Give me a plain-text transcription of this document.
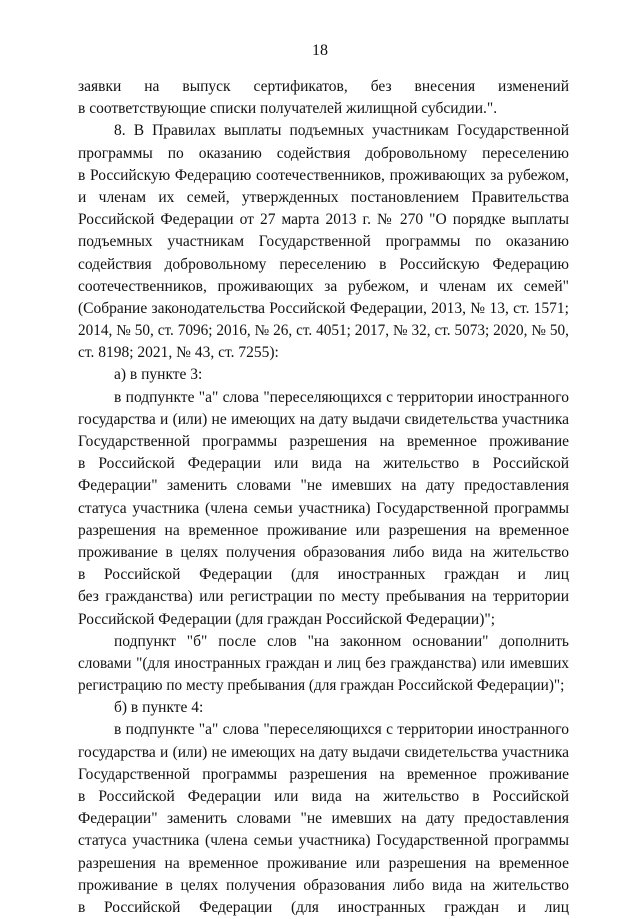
18
заявки на выпуск сертификатов, без внесения изменений
в соответствующие списки получателей жилищной субсидии.".
8. В Правилах выплаты подъемных участникам Государственной
программы по оказанию содействия добровольному переселению
в Российскую Федерацию соотечественников, проживающих за рубежом,
и членам их семей, утвержденных постановлением Правительства
Российской Федерации от 27 марта 2013 г. № 270 "О порядке выплаты
подъемных участникам Государственной программы по оказанию
содействия добровольному переселению в Российскую Федерацию
соотечественников, проживающих за рубежом, и членам их семей"
(Собрание законодательства Российской Федерации, 2013, № 13, ст. 1571;
2014, № 50, ст. 7096; 2016, № 26, ст. 4051; 2017, № 32, ст. 5073; 2020, № 50,
ст. 8198; 2021, № 43, ст. 7255):
а) в пункте 3:
в подпункте "а" слова "переселяющихся с территории иностранного
государства и (или) не имеющих на дату выдачи свидетельства участника
Государственной программы разрешения на временное проживание
в Российской Федерации или вида на жительство в Российской
Федерации" заменить словами "не имевших на дату предоставления
статуса участника (члена семьи участника) Государственной программы
разрешения на временное проживание или разрешения на временное
проживание в целях получения образования либо вида на жительство
в Российской Федерации (для иностранных граждан и лиц
без гражданства) или регистрации по месту пребывания на территории
Российской Федерации (для граждан Российской Федерации)";
подпункт "б" после слов "на законном основании" дополнить
словами "(для иностранных граждан и лиц без гражданства) или имевших
регистрацию по месту пребывания (для граждан Российской Федерации)";
б) в пункте 4:
в подпункте "а" слова "переселяющихся с территории иностранного
государства и (или) не имеющих на дату выдачи свидетельства участника
Государственной программы разрешения на временное проживание
в Российской Федерации или вида на жительство в Российской
Федерации" заменить словами "не имевших на дату предоставления
статуса участника (члена семьи участника) Государственной программы
разрешения на временное проживание или разрешения на временное
проживание в целях получения образования либо вида на жительство
в Российской Федерации (для иностранных граждан и лиц
